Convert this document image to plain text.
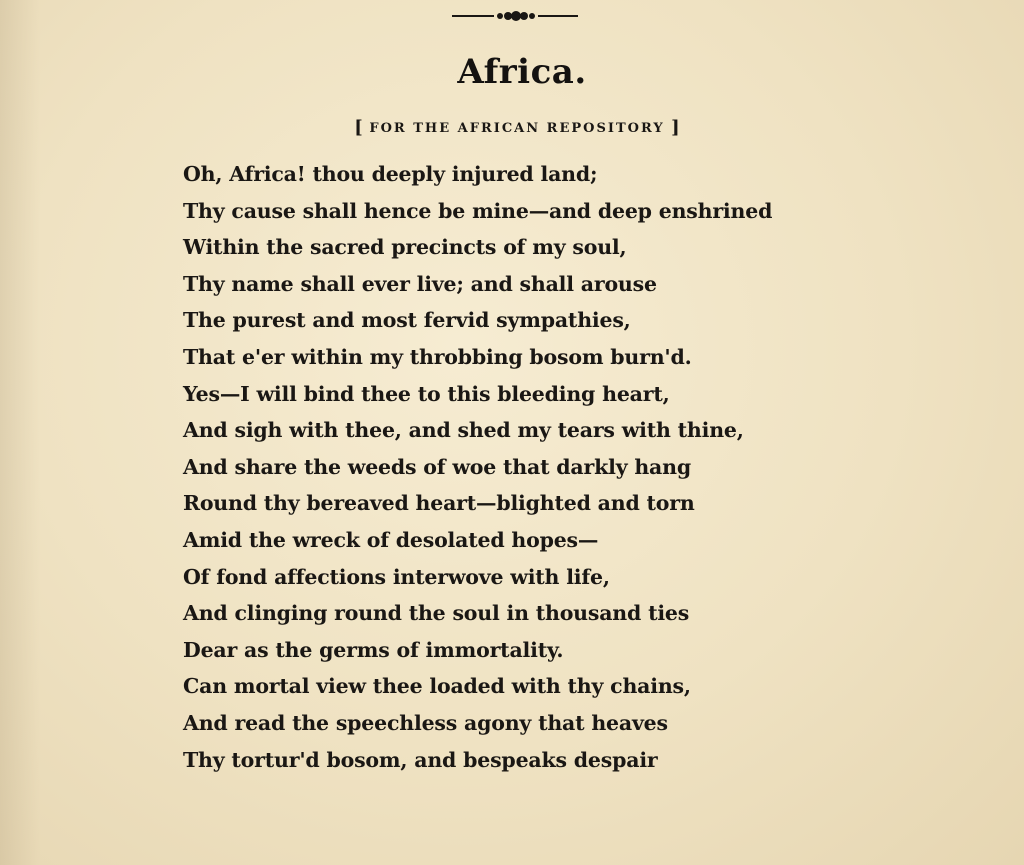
Africa.
[ FOR THE AFRICAN REPOSITORY ]
Oh, Africa! thou deeply injured land;
Thy cause shall hence be mine—and deep enshrined
Within the sacred precincts of my soul,
Thy name shall ever live; and shall arouse
The purest and most fervid sympathies,
That e'er within my throbbing bosom burn'd.
Yes—I will bind thee to this bleeding heart,
And sigh with thee, and shed my tears with thine,
And share the weeds of woe that darkly hang
Round thy bereaved heart—blighted and torn
Amid the wreck of desolated hopes—
Of fond affections interwove with life,
And clinging round the soul in thousand ties
Dear as the germs of immortality.
Can mortal view thee loaded with thy chains,
And read the speechless agony that heaves
Thy tortur'd bosom, and bespeaks despair
